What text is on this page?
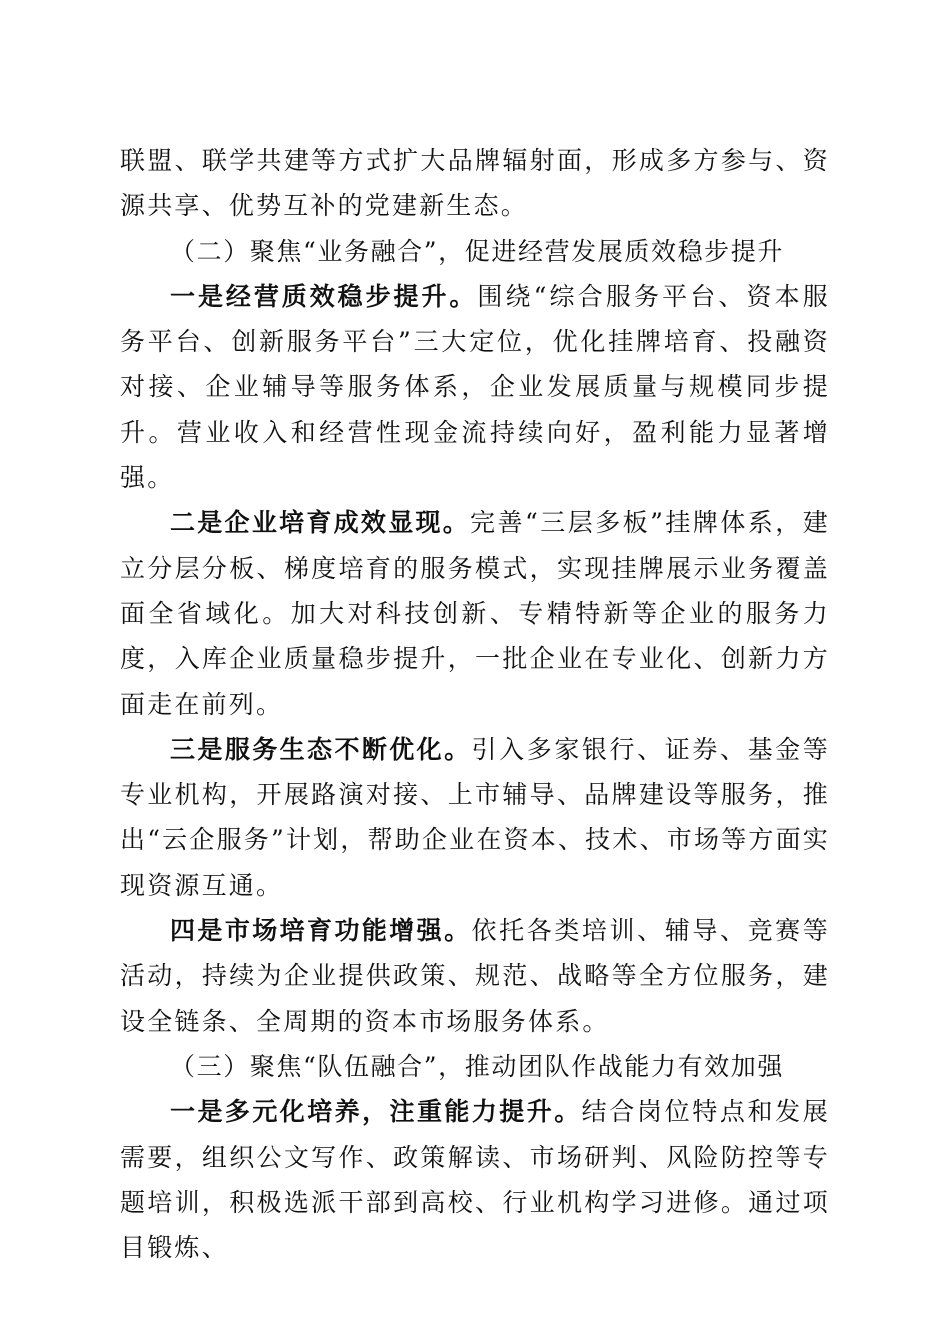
联盟、联学共建等方式扩大品牌辐射面，形成多方参与、资源共享、优势互补的党建新生态。

（二）聚焦“业务融合”，促进经营发展质效稳步提升

一是经营质效稳步提升。围绕“综合服务平台、资本服务平台、创新服务平台”三大定位，优化挂牌培育、投融资对接、企业辅导等服务体系，企业发展质量与规模同步提升。营业收入和经营性现金流持续向好，盈利能力显著增强。

二是企业培育成效显现。完善“三层多板”挂牌体系，建立分层分板、梯度培育的服务模式，实现挂牌展示业务覆盖面全省域化。加大对科技创新、专精特新等企业的服务力度，入库企业质量稳步提升，一批企业在专业化、创新力方面走在前列。

三是服务生态不断优化。引入多家银行、证券、基金等专业机构，开展路演对接、上市辅导、品牌建设等服务，推出“云企服务”计划，帮助企业在资本、技术、市场等方面实现资源互通。

四是市场培育功能增强。依托各类培训、辅导、竞赛等活动，持续为企业提供政策、规范、战略等全方位服务，建设全链条、全周期的资本市场服务体系。

（三）聚焦“队伍融合”，推动团队作战能力有效加强

一是多元化培养，注重能力提升。结合岗位特点和发展需要，组织公文写作、政策解读、市场研判、风险防控等专题培训，积极选派干部到高校、行业机构学习进修。通过项目锻炼、
